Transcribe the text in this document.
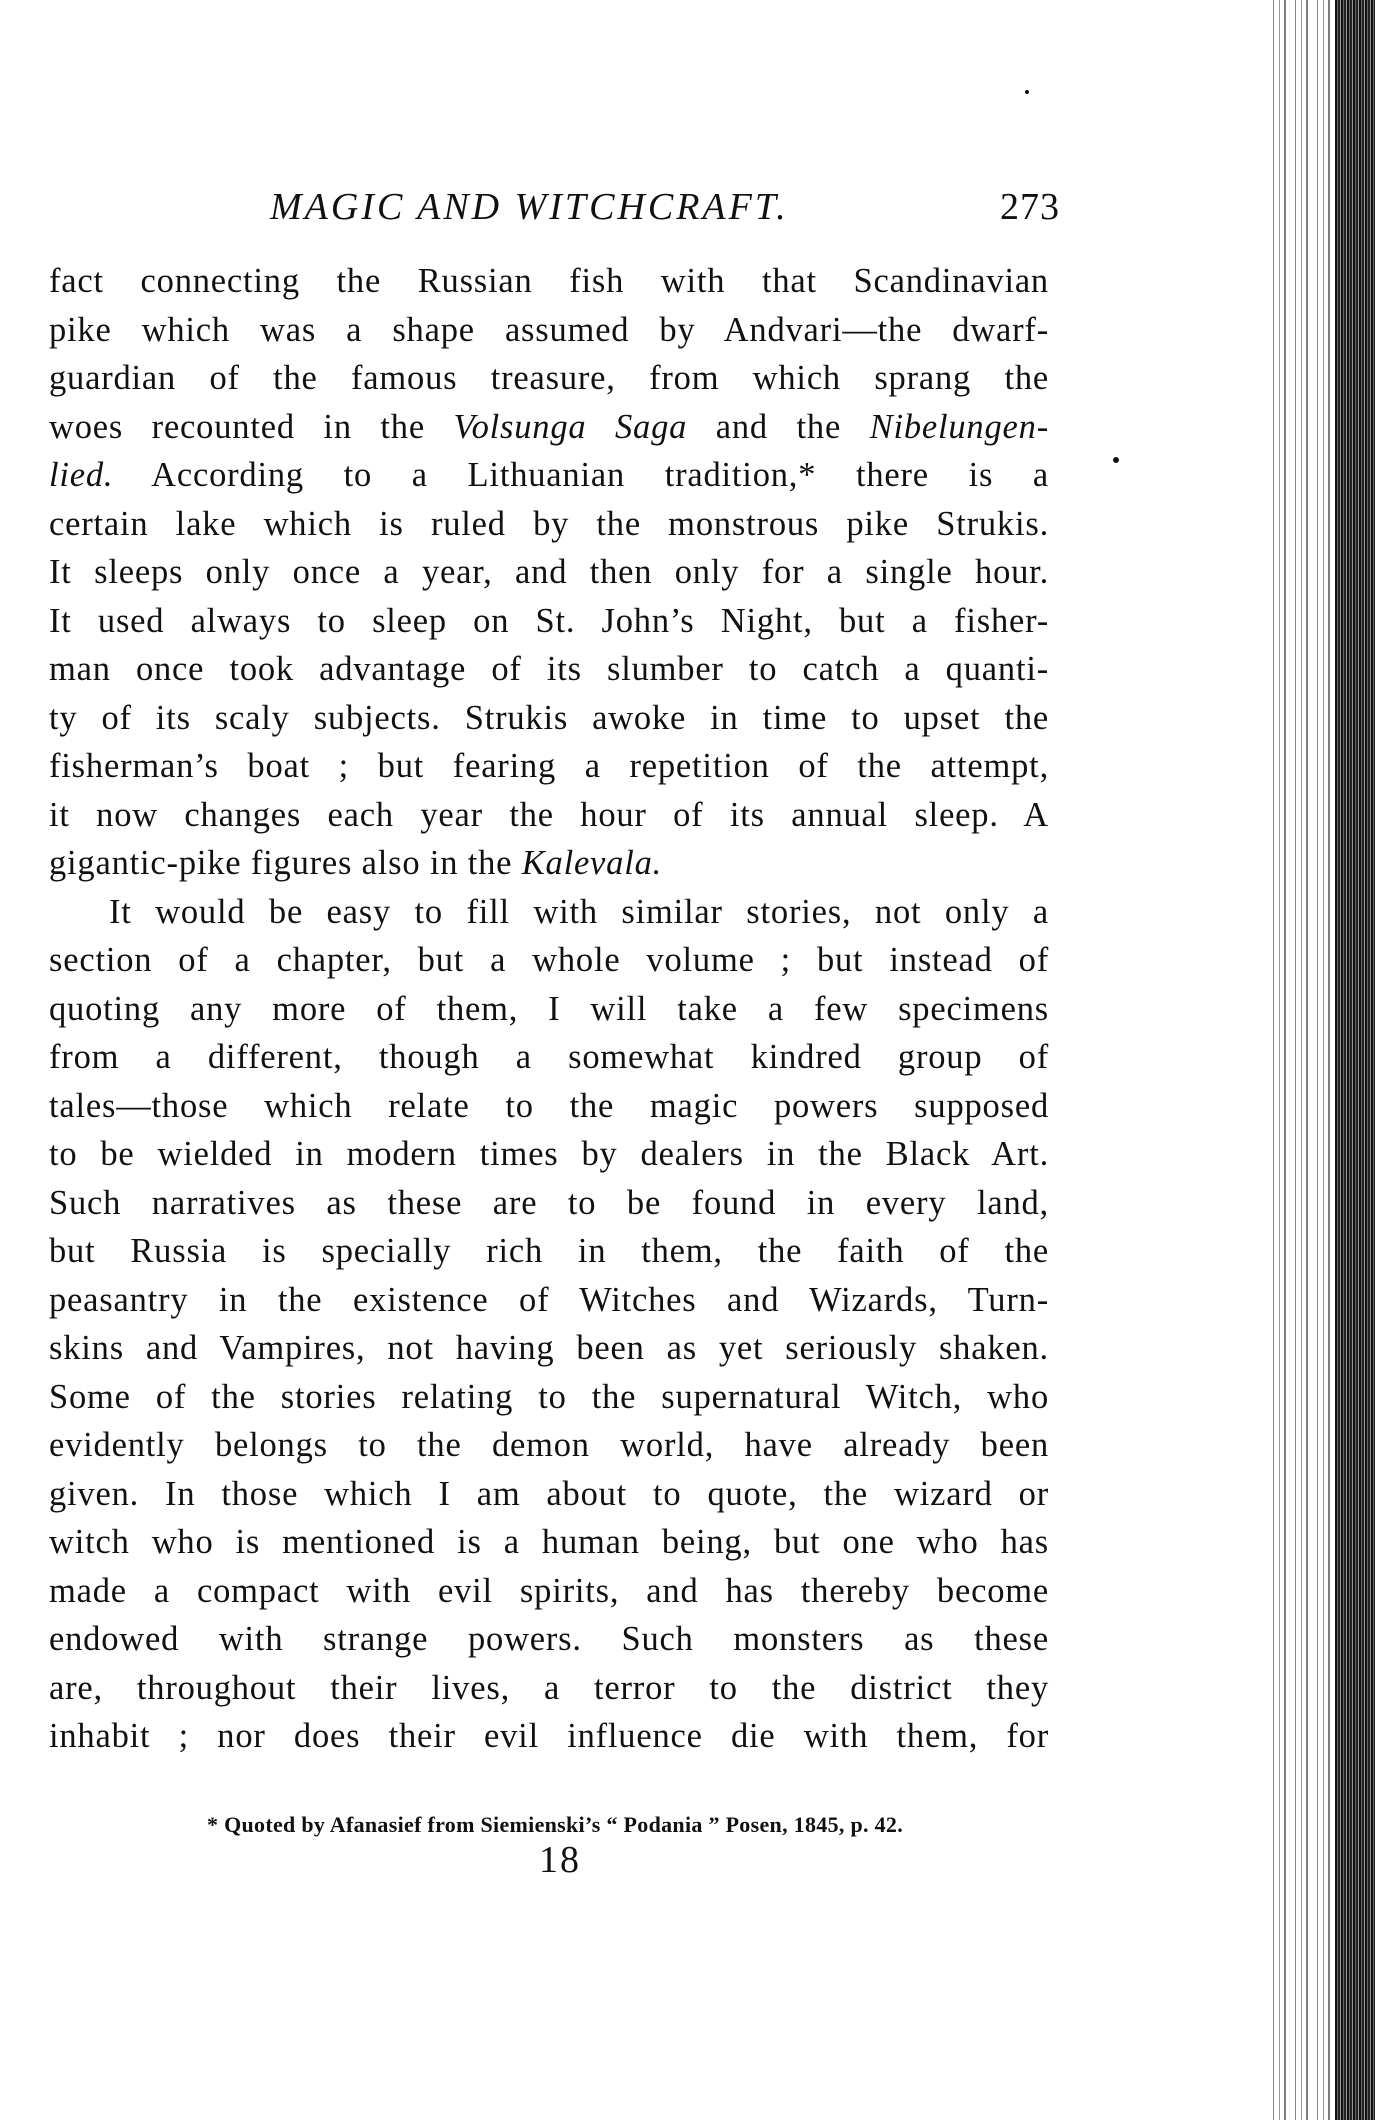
MAGIC AND WITCHCRAFT.	273
fact connecting the Russian fish with that Scandinavian
pike which was a shape assumed by Andvari—the dwarf-
guardian of the famous treasure, from which sprang the
woes recounted in the Volsunga Saga and the Nibelungen-
lied. According to a Lithuanian tradition,* there is a
certain lake which is ruled by the monstrous pike Strukis.
It sleeps only once a year, and then only for a single hour.
It used always to sleep on St. John’s Night, but a fisher-
man once took advantage of its slumber to catch a quanti-
ty of its scaly subjects. Strukis awoke in time to upset the
fisherman’s boat ; but fearing a repetition of the attempt,
it now changes each year the hour of its annual sleep. A
gigantic-pike figures also in the Kalevala.
It would be easy to fill with similar stories, not only a
section of a chapter, but a whole volume ; but instead of
quoting any more of them, I will take a few specimens
from a different, though a somewhat kindred group of
tales—those which relate to the magic powers supposed
to be wielded in modern times by dealers in the Black Art.
Such narratives as these are to be found in every land,
but Russia is specially rich in them, the faith of the
peasantry in the existence of Witches and Wizards, Turn-
skins and Vampires, not having been as yet seriously shaken.
Some of the stories relating to the supernatural Witch, who
evidently belongs to the demon world, have already been
given. In those which I am about to quote, the wizard or
witch who is mentioned is a human being, but one who has
made a compact with evil spirits, and has thereby become
endowed with strange powers. Such monsters as these
are, throughout their lives, a terror to the district they
inhabit ; nor does their evil influence die with them, for
* Quoted by Afanasief from Siemienski’s “ Podania ” Posen, 1845, p. 42.
18
